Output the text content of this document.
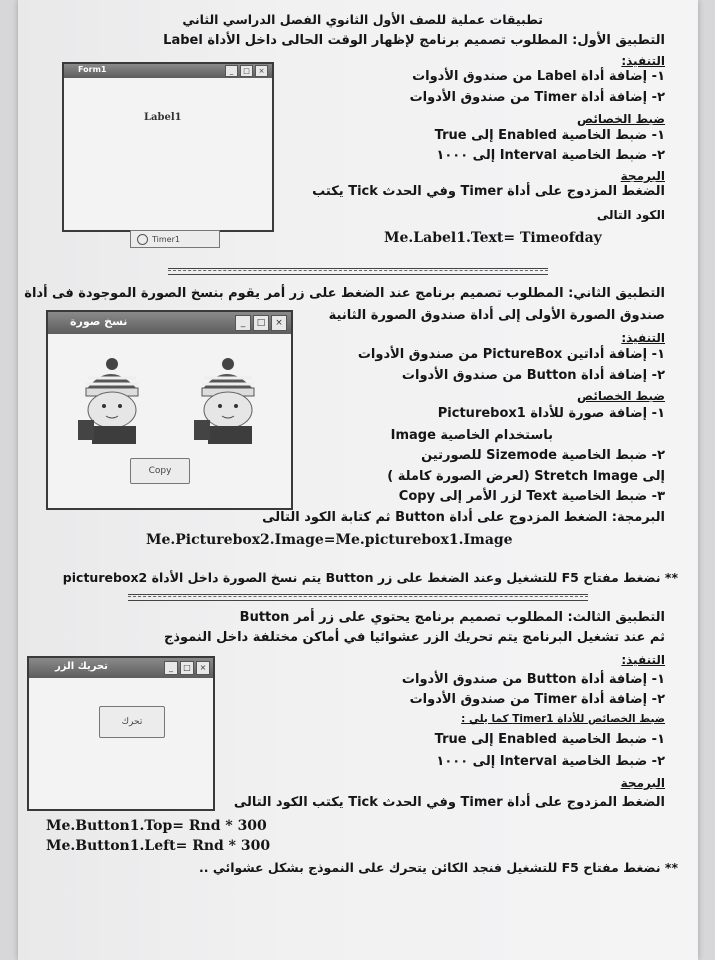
تطبيقات عملية للصف الأول الثانوي الفصل الدراسي الثاني
التطبيق الأول: المطلوب تصميم برنامج لإظهار الوقت الحالى داخل الأداة Label
Form1	_	□	×
Label1
Timer1
التنفيذ:
١- إضافة أداة Label من صندوق الأدوات
٢- إضافة أداة Timer من صندوق الأدوات
ضبط الخصائص
١- ضبط الخاصية Enabled إلى True
٢- ضبط الخاصية Interval إلى ١٠٠٠
البرمجة
الضغط المزدوج على أداة Timer وفي الحدث Tick يكتب
الكود التالى
Me.Label1.Text= Timeofday
التطبيق الثاني: المطلوب تصميم برنامج عند الضغط على زر أمر يقوم بنسخ الصورة الموجودة فى أداة
صندوق الصورة الأولى إلى أداة صندوق الصورة الثانية
نسخ صورة	_	□	×
Copy
التنفيذ:
١- إضافة أداتين PictureBox من صندوق الأدوات
٢- إضافة أداة Button من صندوق الأدوات
ضبط الخصائص
١- إضافة صورة للأداة Picturebox1
باستخدام الخاصية Image
٢- ضبط الخاصية Sizemode للصورتين
إلى Stretch Image (لعرض الصورة كاملة )
٣- ضبط الخاصية Text لزر الأمر إلى Copy
البرمجة: الضغط المزدوج على أداة Button ثم كتابة الكود التالى
Me.Picturebox2.Image=Me.picturebox1.Image
** نضغط مفتاح F5 للتشغيل وعند الضغط على زر Button يتم نسخ الصورة داخل الأداة picturebox2
التطبيق الثالث: المطلوب تصميم برنامج يحتوي على زر أمر Button
ثم عند تشغيل البرنامج يتم تحريك الزر عشوائيا في أماكن مختلفة داخل النموذج
تحريك الزر	_	□	×
تحرك
التنفيذ:
١- إضافة أداة Button من صندوق الأدوات
٢- إضافة أداة Timer من صندوق الأدوات
ضبط الخصائص للأداة Timer1 كما يلي :
١- ضبط الخاصية Enabled إلى True
٢- ضبط الخاصية Interval إلى ١٠٠٠
البرمجة
الضغط المزدوج على أداة Timer وفي الحدث Tick يكتب الكود التالى
Me.Button1.Top= Rnd * 300
Me.Button1.Left= Rnd * 300
** نضغط مفتاح F5 للتشغيل فنجد الكائن يتحرك على النموذج بشكل عشوائي ..
